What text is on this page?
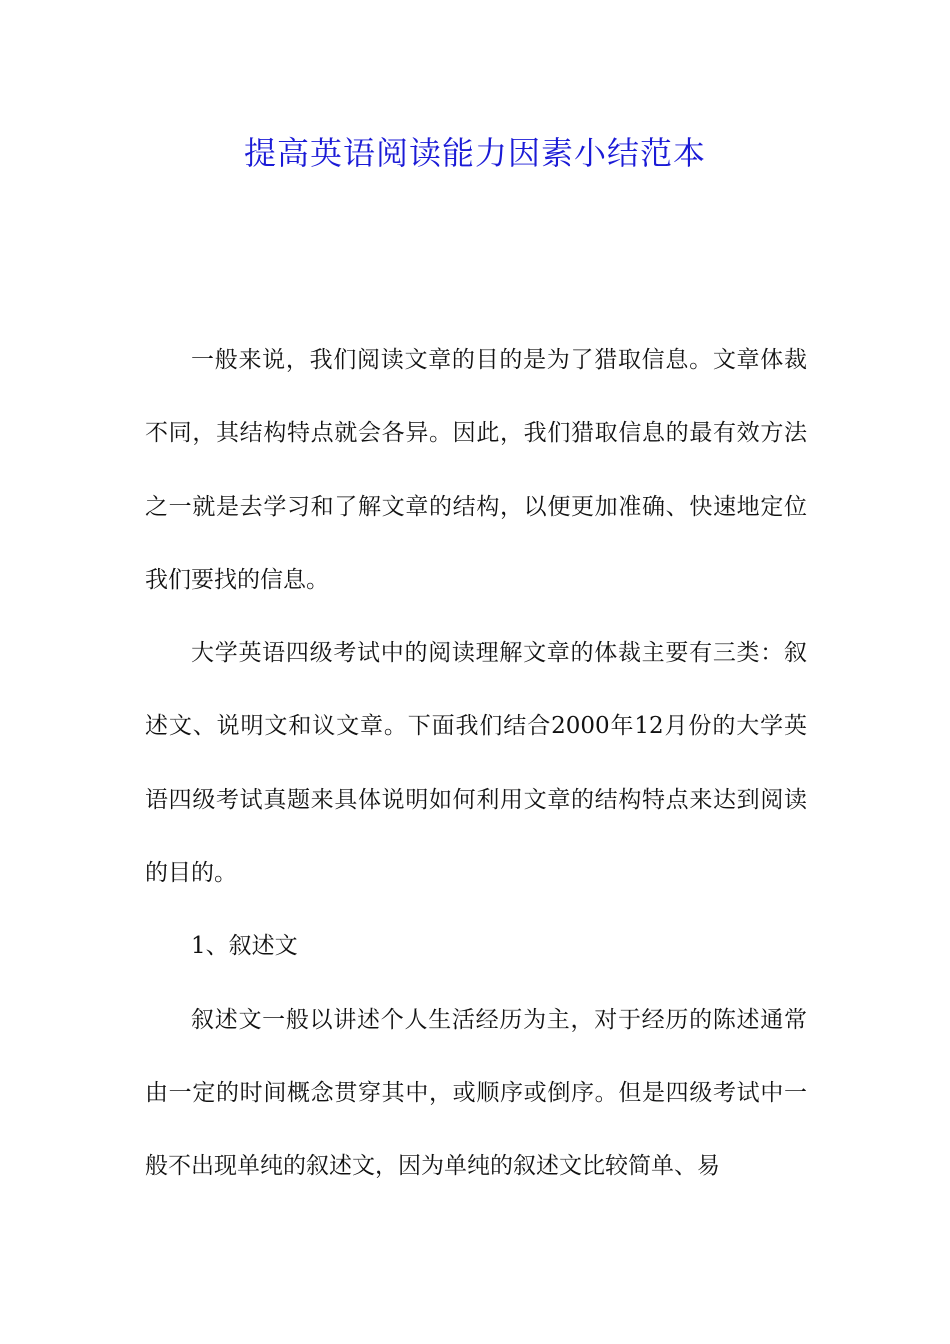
提高英语阅读能力因素小结范本

一般来说，我们阅读文章的目的是为了猎取信息。文章体裁不同，其结构特点就会各异。因此，我们猎取信息的最有效方法之一就是去学习和了解文章的结构，以便更加准确、快速地定位我们要找的信息。

大学英语四级考试中的阅读理解文章的体裁主要有三类：叙述文、说明文和议文章。下面我们结合2000年12月份的大学英语四级考试真题来具体说明如何利用文章的结构特点来达到阅读的目的。

1、叙述文

叙述文一般以讲述个人生活经历为主，对于经历的陈述通常由一定的时间概念贯穿其中，或顺序或倒序。但是四级考试中一般不出现单纯的叙述文，因为单纯的叙述文比较简单、易
